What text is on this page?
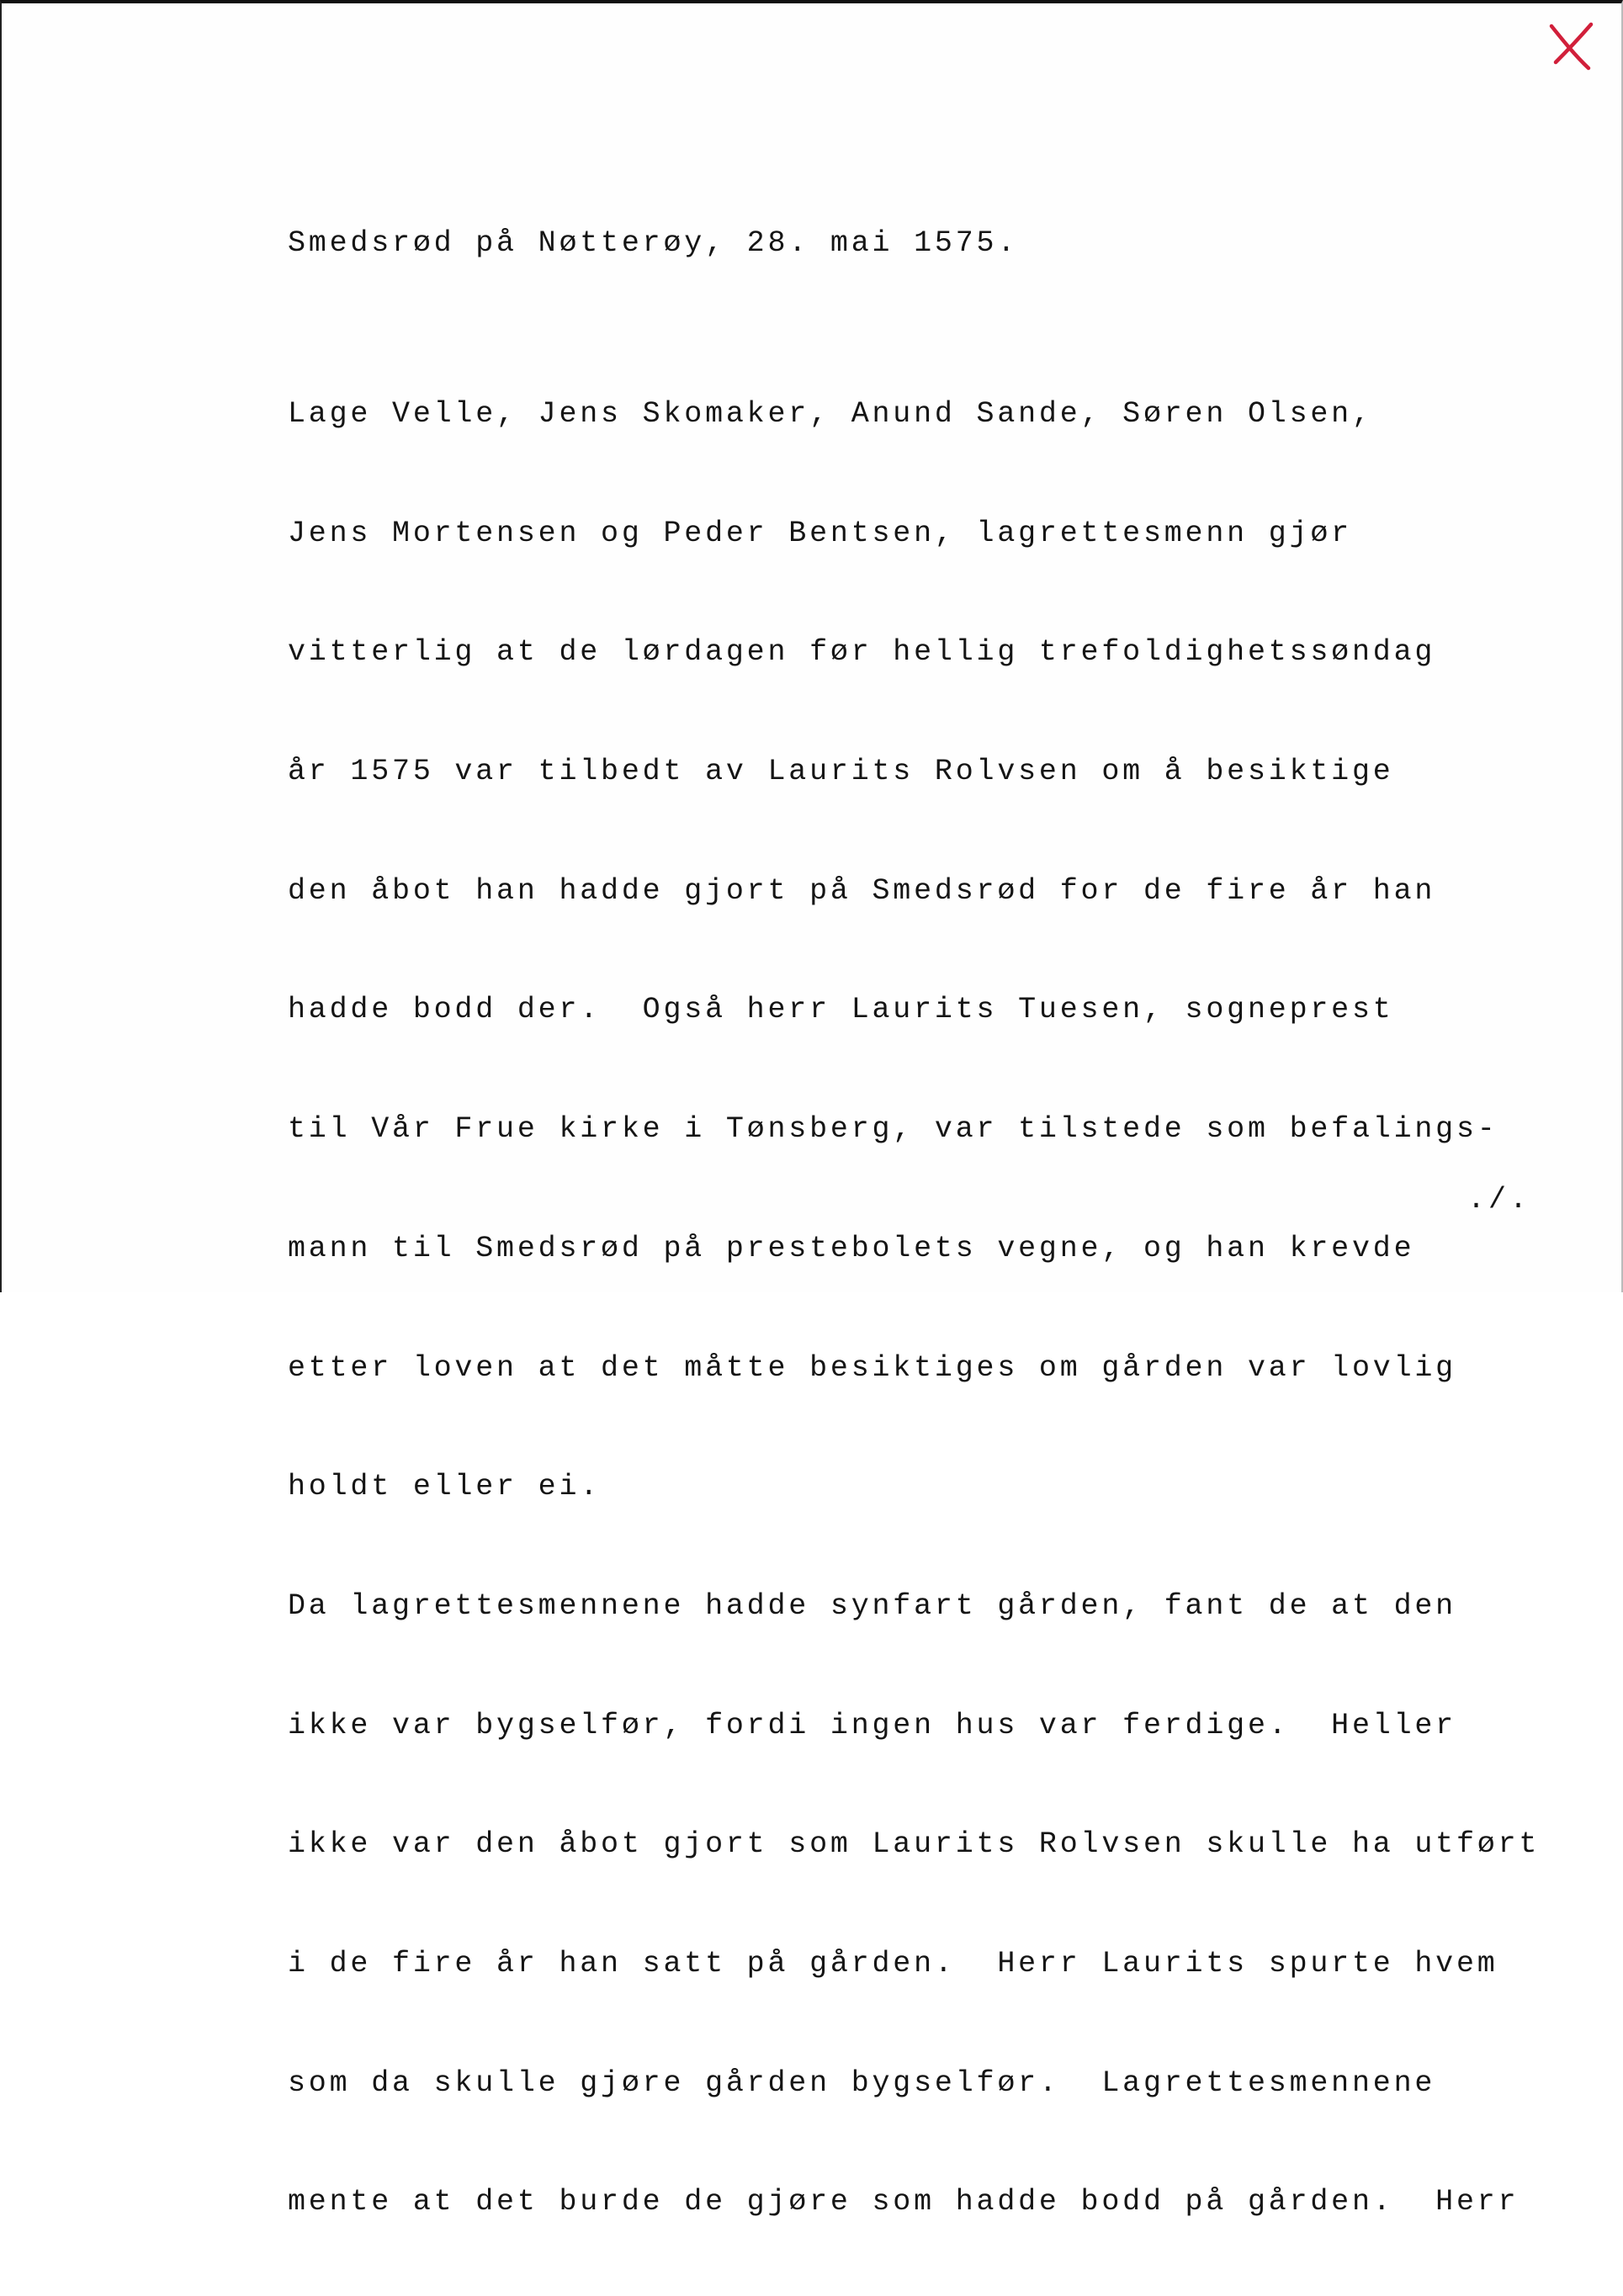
Smedsrød på Nøtterøy, 28. mai 1575.

Lage Velle, Jens Skomaker, Anund Sande, Søren Olsen,

Jens Mortensen og Peder Bentsen, lagrettesmenn gjør

vitterlig at de lørdagen før hellig trefoldighetssøndag

år 1575 var tilbedt av Laurits Rolvsen om å besiktige

den åbot han hadde gjort på Smedsrød for de fire år han

hadde bodd der.  Også herr Laurits Tuesen, sogneprest

til Vår Frue kirke i Tønsberg, var tilstede som befalings-

mann til Smedsrød på prestebolets vegne, og han krevde

etter loven at det måtte besiktiges om gården var lovlig

holdt eller ei.

Da lagrettesmennene hadde synfart gården, fant de at den

ikke var bygselfør, fordi ingen hus var ferdige.  Heller

ikke var den åbot gjort som Laurits Rolvsen skulle ha utført

i de fire år han satt på gården.  Herr Laurits spurte hvem

som da skulle gjøre gården bygselfør.  Lagrettesmennene

mente at det burde de gjøre som hadde bodd på gården.  Herr

./.
